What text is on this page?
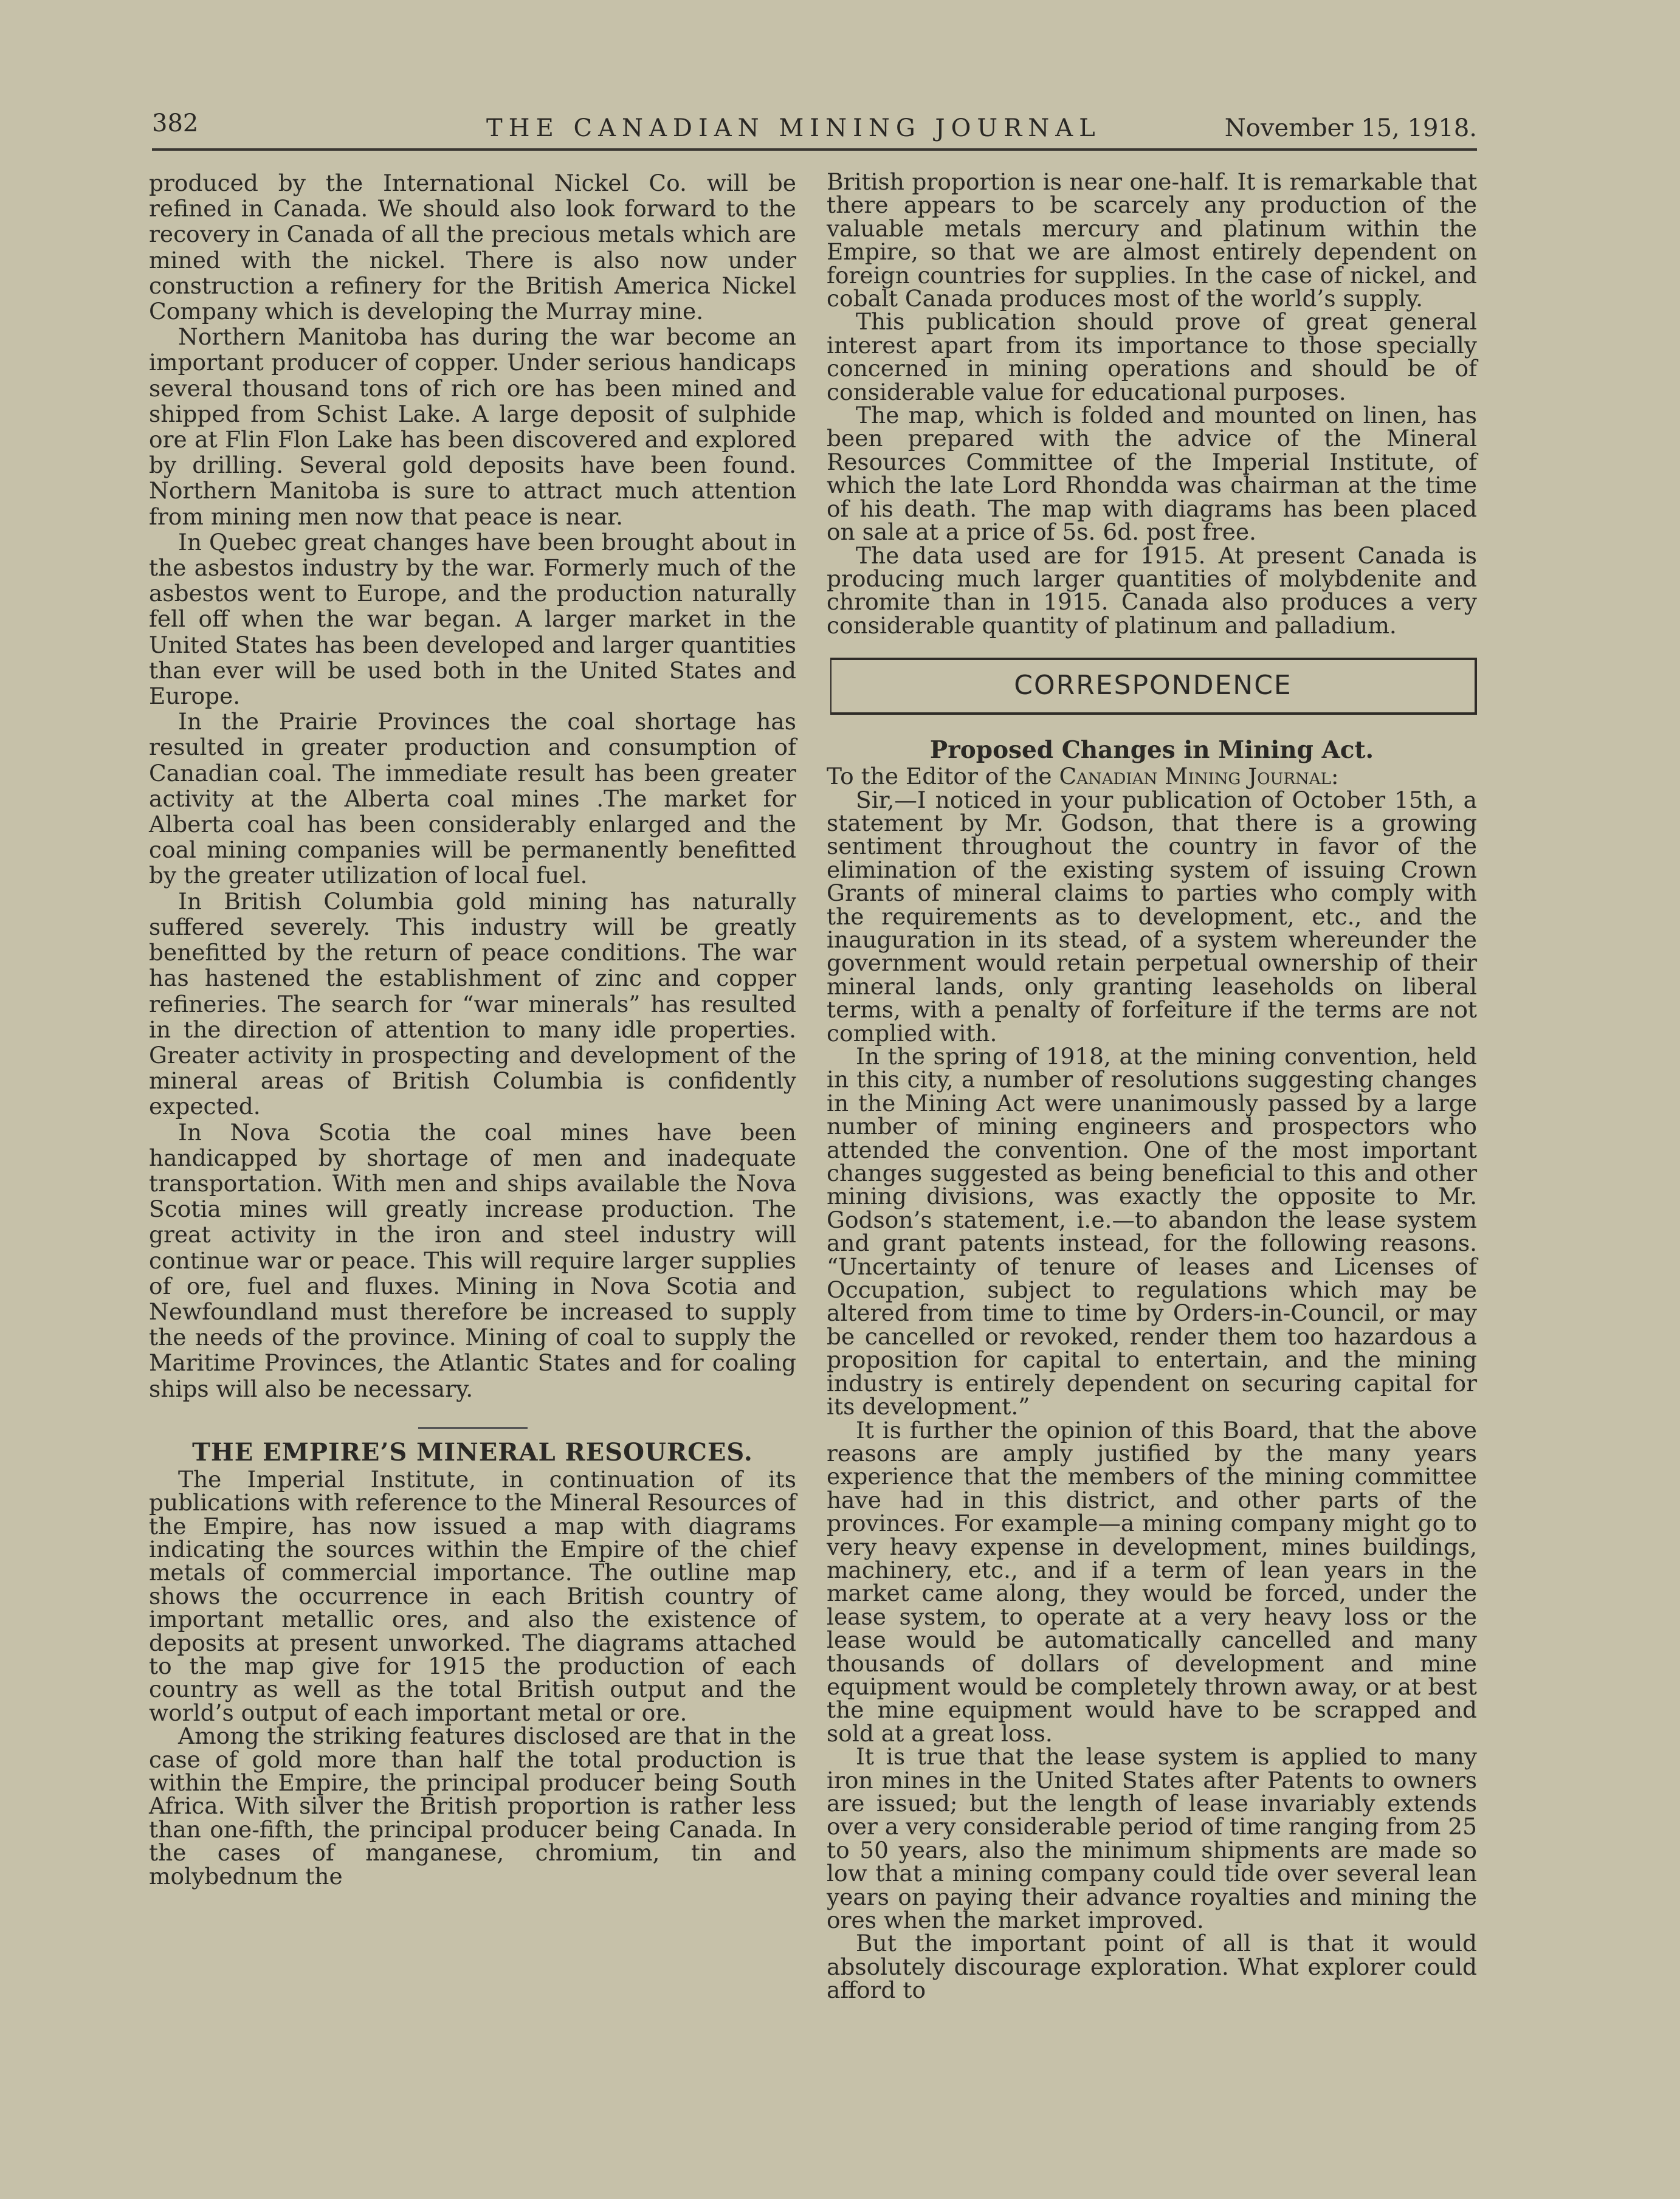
382	THE CANADIAN MINING JOURNAL	November 15, 1918.

produced by the International Nickel Co. will be refined in Canada. We should also look forward to the recovery in Canada of all the precious metals which are mined with the nickel. There is also now under construction a refinery for the British America Nickel Company which is developing the Murray mine.

Northern Manitoba has during the war become an important producer of copper. Under serious handicaps several thousand tons of rich ore has been mined and shipped from Schist Lake. A large deposit of sulphide ore at Flin Flon Lake has been discovered and explored by drilling. Several gold deposits have been found. Northern Manitoba is sure to attract much attention from mining men now that peace is near.

In Quebec great changes have been brought about in the asbestos industry by the war. Formerly much of the asbestos went to Europe, and the production naturally fell off when the war began. A larger market in the United States has been developed and larger quantities than ever will be used both in the United States and Europe.

In the Prairie Provinces the coal shortage has resulted in greater production and consumption of Canadian coal. The immediate result has been greater activity at the Alberta coal mines .The market for Alberta coal has been considerably enlarged and the coal mining companies will be permanently benefitted by the greater utilization of local fuel.

In British Columbia gold mining has naturally suffered severely. This industry will be greatly benefitted by the return of peace conditions. The war has hastened the establishment of zinc and copper refineries. The search for “war minerals” has resulted in the direction of attention to many idle properties. Greater activity in prospecting and development of the mineral areas of British Columbia is confidently expected.

In Nova Scotia the coal mines have been handicapped by shortage of men and inadequate transportation. With men and ships available the Nova Scotia mines will greatly increase production. The great activity in the iron and steel industry will continue war or peace. This will require larger supplies of ore, fuel and fluxes. Mining in Nova Scotia and Newfoundland must therefore be increased to supply the needs of the province. Mining of coal to supply the Maritime Provinces, the Atlantic States and for coaling ships will also be necessary.

THE EMPIRE’S MINERAL RESOURCES.

The Imperial Institute, in continuation of its publications with reference to the Mineral Resources of the Empire, has now issued a map with diagrams indicating the sources within the Empire of the chief metals of commercial importance. The outline map shows the occurrence in each British country of important metallic ores, and also the existence of deposits at present unworked. The diagrams attached to the map give for 1915 the production of each country as well as the total British output and the world’s output of each important metal or ore.

Among the striking features disclosed are that in the case of gold more than half the total production is within the Empire, the principal producer being South Africa. With silver the British proportion is rather less than one-fifth, the principal producer being Canada. In the cases of manganese, chromium, tin and molybednum the

British proportion is near one-half. It is remarkable that there appears to be scarcely any production of the valuable metals mercury and platinum within the Empire, so that we are almost entirely dependent on foreign countries for supplies. In the case of nickel, and cobalt Canada produces most of the world’s supply.

This publication should prove of great general interest apart from its importance to those specially concerned in mining operations and should be of considerable value for educational purposes.

The map, which is folded and mounted on linen, has been prepared with the advice of the Mineral Resources Committee of the Imperial Institute, of which the late Lord Rhondda was chairman at the time of his death. The map with diagrams has been placed on sale at a price of 5s. 6d. post free.

The data used are for 1915. At present Canada is producing much larger quantities of molybdenite and chromite than in 1915. Canada also produces a very considerable quantity of platinum and palladium.

CORRESPONDENCE
Proposed Changes in Mining Act.

To the Editor of the Canadian Mining Journal:

Sir,—I noticed in your publication of October 15th, a statement by Mr. Godson, that there is a growing sentiment throughout the country in favor of the elimination of the existing system of issuing Crown Grants of mineral claims to parties who comply with the requirements as to development, etc., and the inauguration in its stead, of a system whereunder the government would retain perpetual ownership of their mineral lands, only granting leaseholds on liberal terms, with a penalty of forfeiture if the terms are not complied with.

In the spring of 1918, at the mining convention, held in this city, a number of resolutions suggesting changes in the Mining Act were unanimously passed by a large number of mining engineers and prospectors who attended the convention. One of the most important changes suggested as being beneficial to this and other mining divisions, was exactly the opposite to Mr. Godson’s statement, i.e.—to abandon the lease system and grant patents instead, for the following reasons. “Uncertainty of tenure of leases and Licenses of Occupation, subject to regulations which may be altered from time to time by Orders-in-Council, or may be cancelled or revoked, render them too hazardous a proposition for capital to entertain, and the mining industry is entirely dependent on securing capital for its development.”

It is further the opinion of this Board, that the above reasons are amply justified by the many years experience that the members of the mining committee have had in this district, and other parts of the provinces. For example—a mining company might go to very heavy expense in development, mines buildings, machinery, etc., and if a term of lean years in the market came along, they would be forced, under the lease system, to operate at a very heavy loss or the lease would be automatically cancelled and many thousands of dollars of development and mine equipment would be completely thrown away, or at best the mine equipment would have to be scrapped and sold at a great loss.

It is true that the lease system is applied to many iron mines in the United States after Patents to owners are issued; but the length of lease invariably extends over a very considerable period of time ranging from 25 to 50 years, also the minimum shipments are made so low that a mining company could tide over several lean years on paying their advance royalties and mining the ores when the market improved.

But the important point of all is that it would absolutely discourage exploration. What explorer could afford to
